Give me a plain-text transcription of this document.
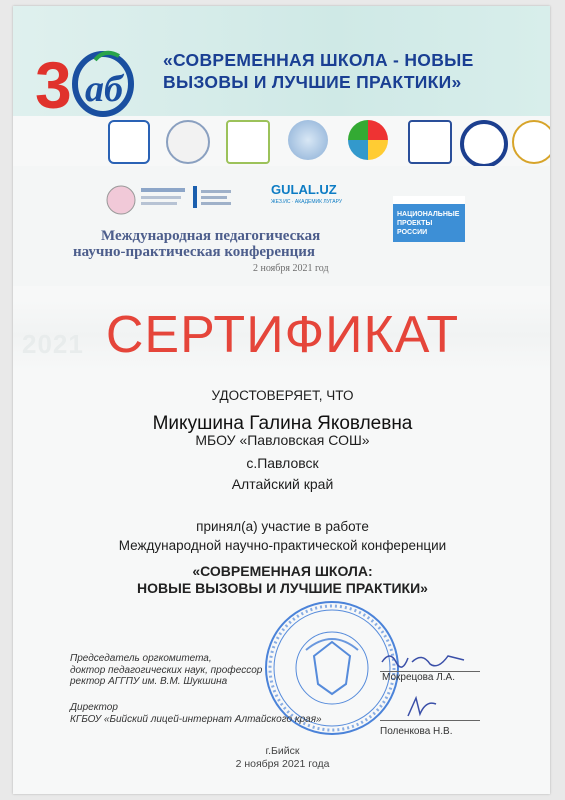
3 аб
«СОВРЕМЕННАЯ ШКОЛА - НОВЫЕ
ВЫЗОВЫ И ЛУЧШИЕ ПРАКТИКИ»
GULAL.UZ
ЖЕЗ.ИС · АКАДЕМИК ЛУГАРУ
НАЦИОНАЛЬНЫЕ
ПРОЕКТЫ
РОССИИ
Международная педагогическая
научно-практическая конференция
2 ноября 2021 год
2021 СЕРТИФИКАТ
УДОСТОВЕРЯЕТ, ЧТО
Микушина Галина Яковлевна
МБОУ «Павловская СОШ»
с.Павловск
Алтайский край
принял(а) участие в работе
Международной научно-практической конференции
«СОВРЕМЕННАЯ ШКОЛА:
НОВЫЕ ВЫЗОВЫ И ЛУЧШИЕ ПРАКТИКИ»
Председатель оргкомитета,
доктор педагогических наук, профессор
ректор АГГПУ им. В.М. Шукшина	Мокрецова Л.А.
Директор
КГБОУ «Бийский лицей-интернат Алтайского края»
Поленкова Н.В.
г.Бийск
2 ноября 2021 года
